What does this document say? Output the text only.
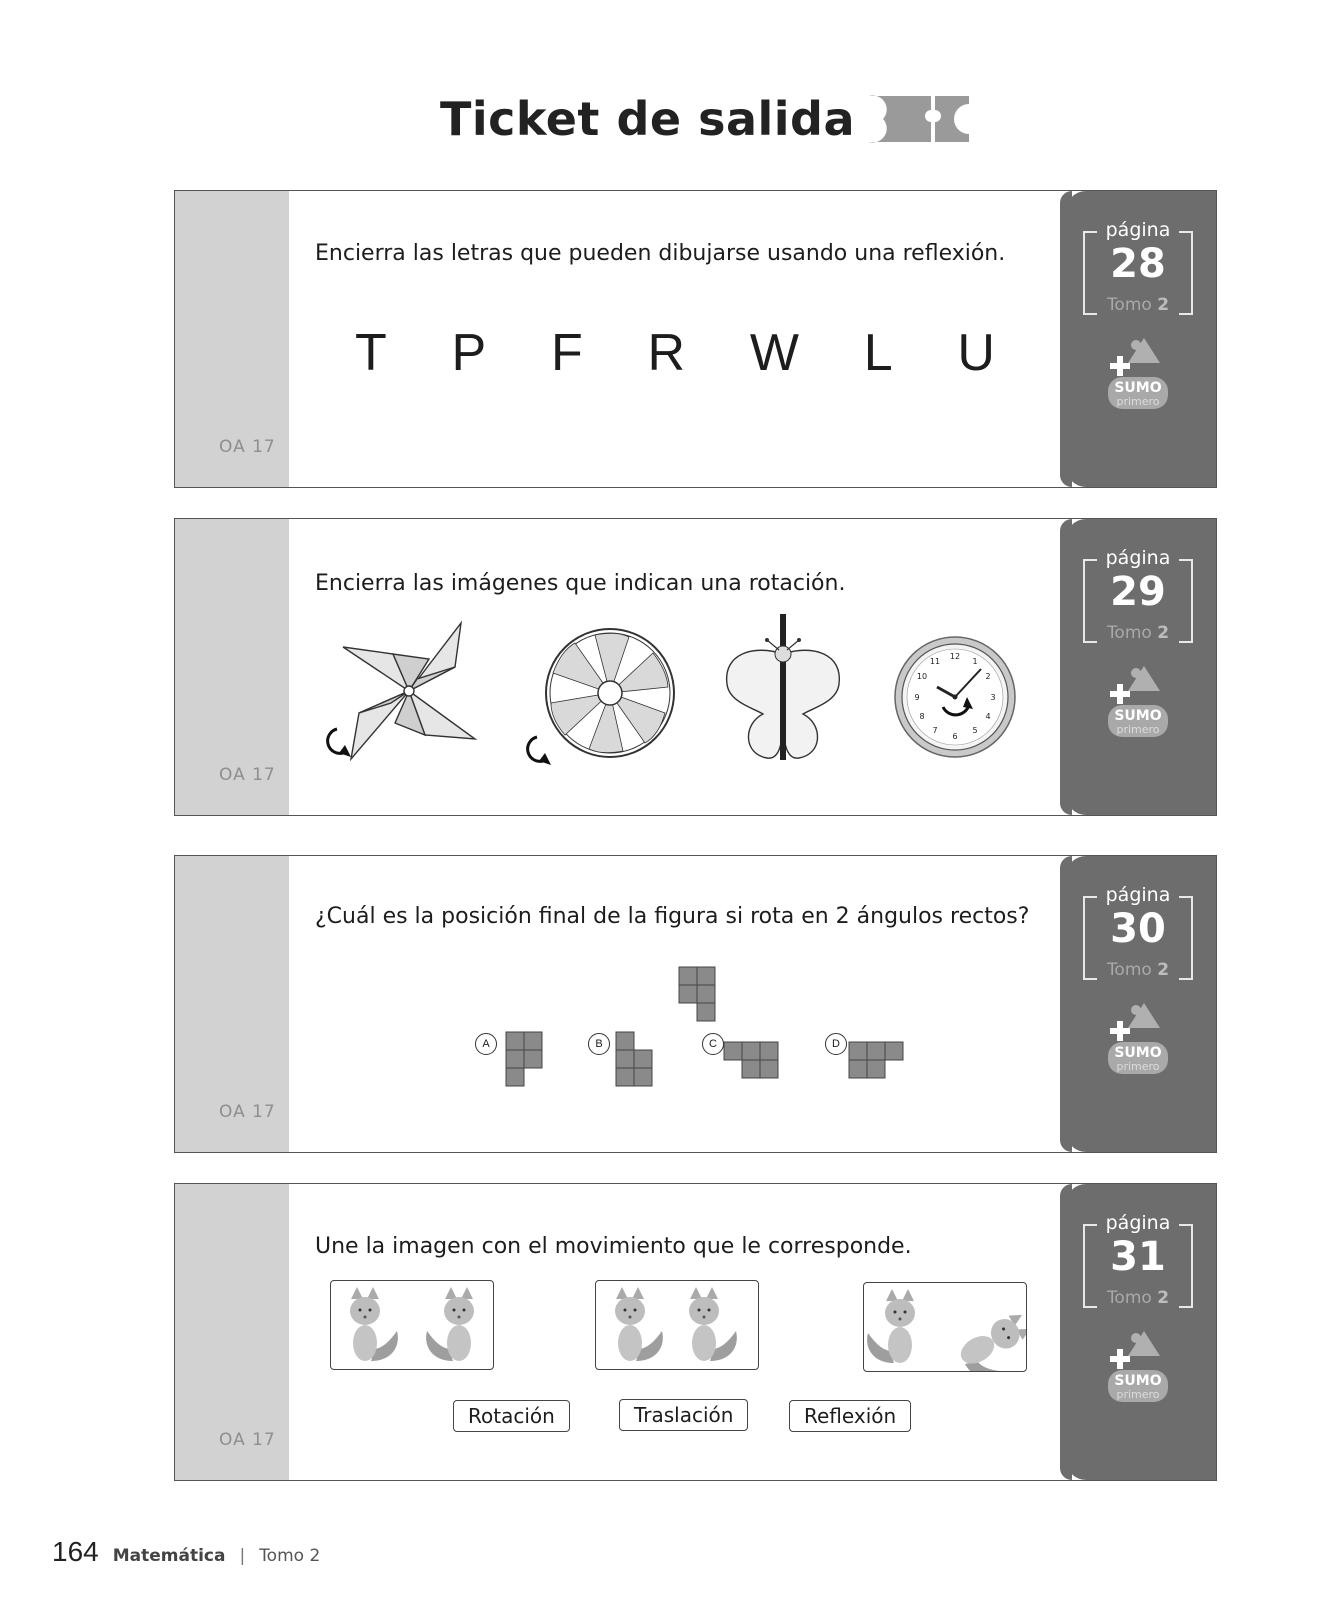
Ticket de salida
OA 17
Encierra las letras que pueden dibujarse usando una reflexión.
T P F R W L U
página
28
Tomo 2
SUMO
primero
OA 17
Encierra las imágenes que indican una rotación.
12
1
2
3
4
5
6
7
8
9
10
11
página
29
Tomo 2
SUMO
primero
OA 17
¿Cuál es la posición final de la figura si rota en 2 ángulos rectos?
A	B	C	D
página
30
Tomo 2
SUMO
primero
OA 17
Une la imagen con el movimiento que le corresponde.
Rotación	Traslación	Reflexión
página
31
Tomo 2
SUMO
primero
164 Matemática | Tomo 2
